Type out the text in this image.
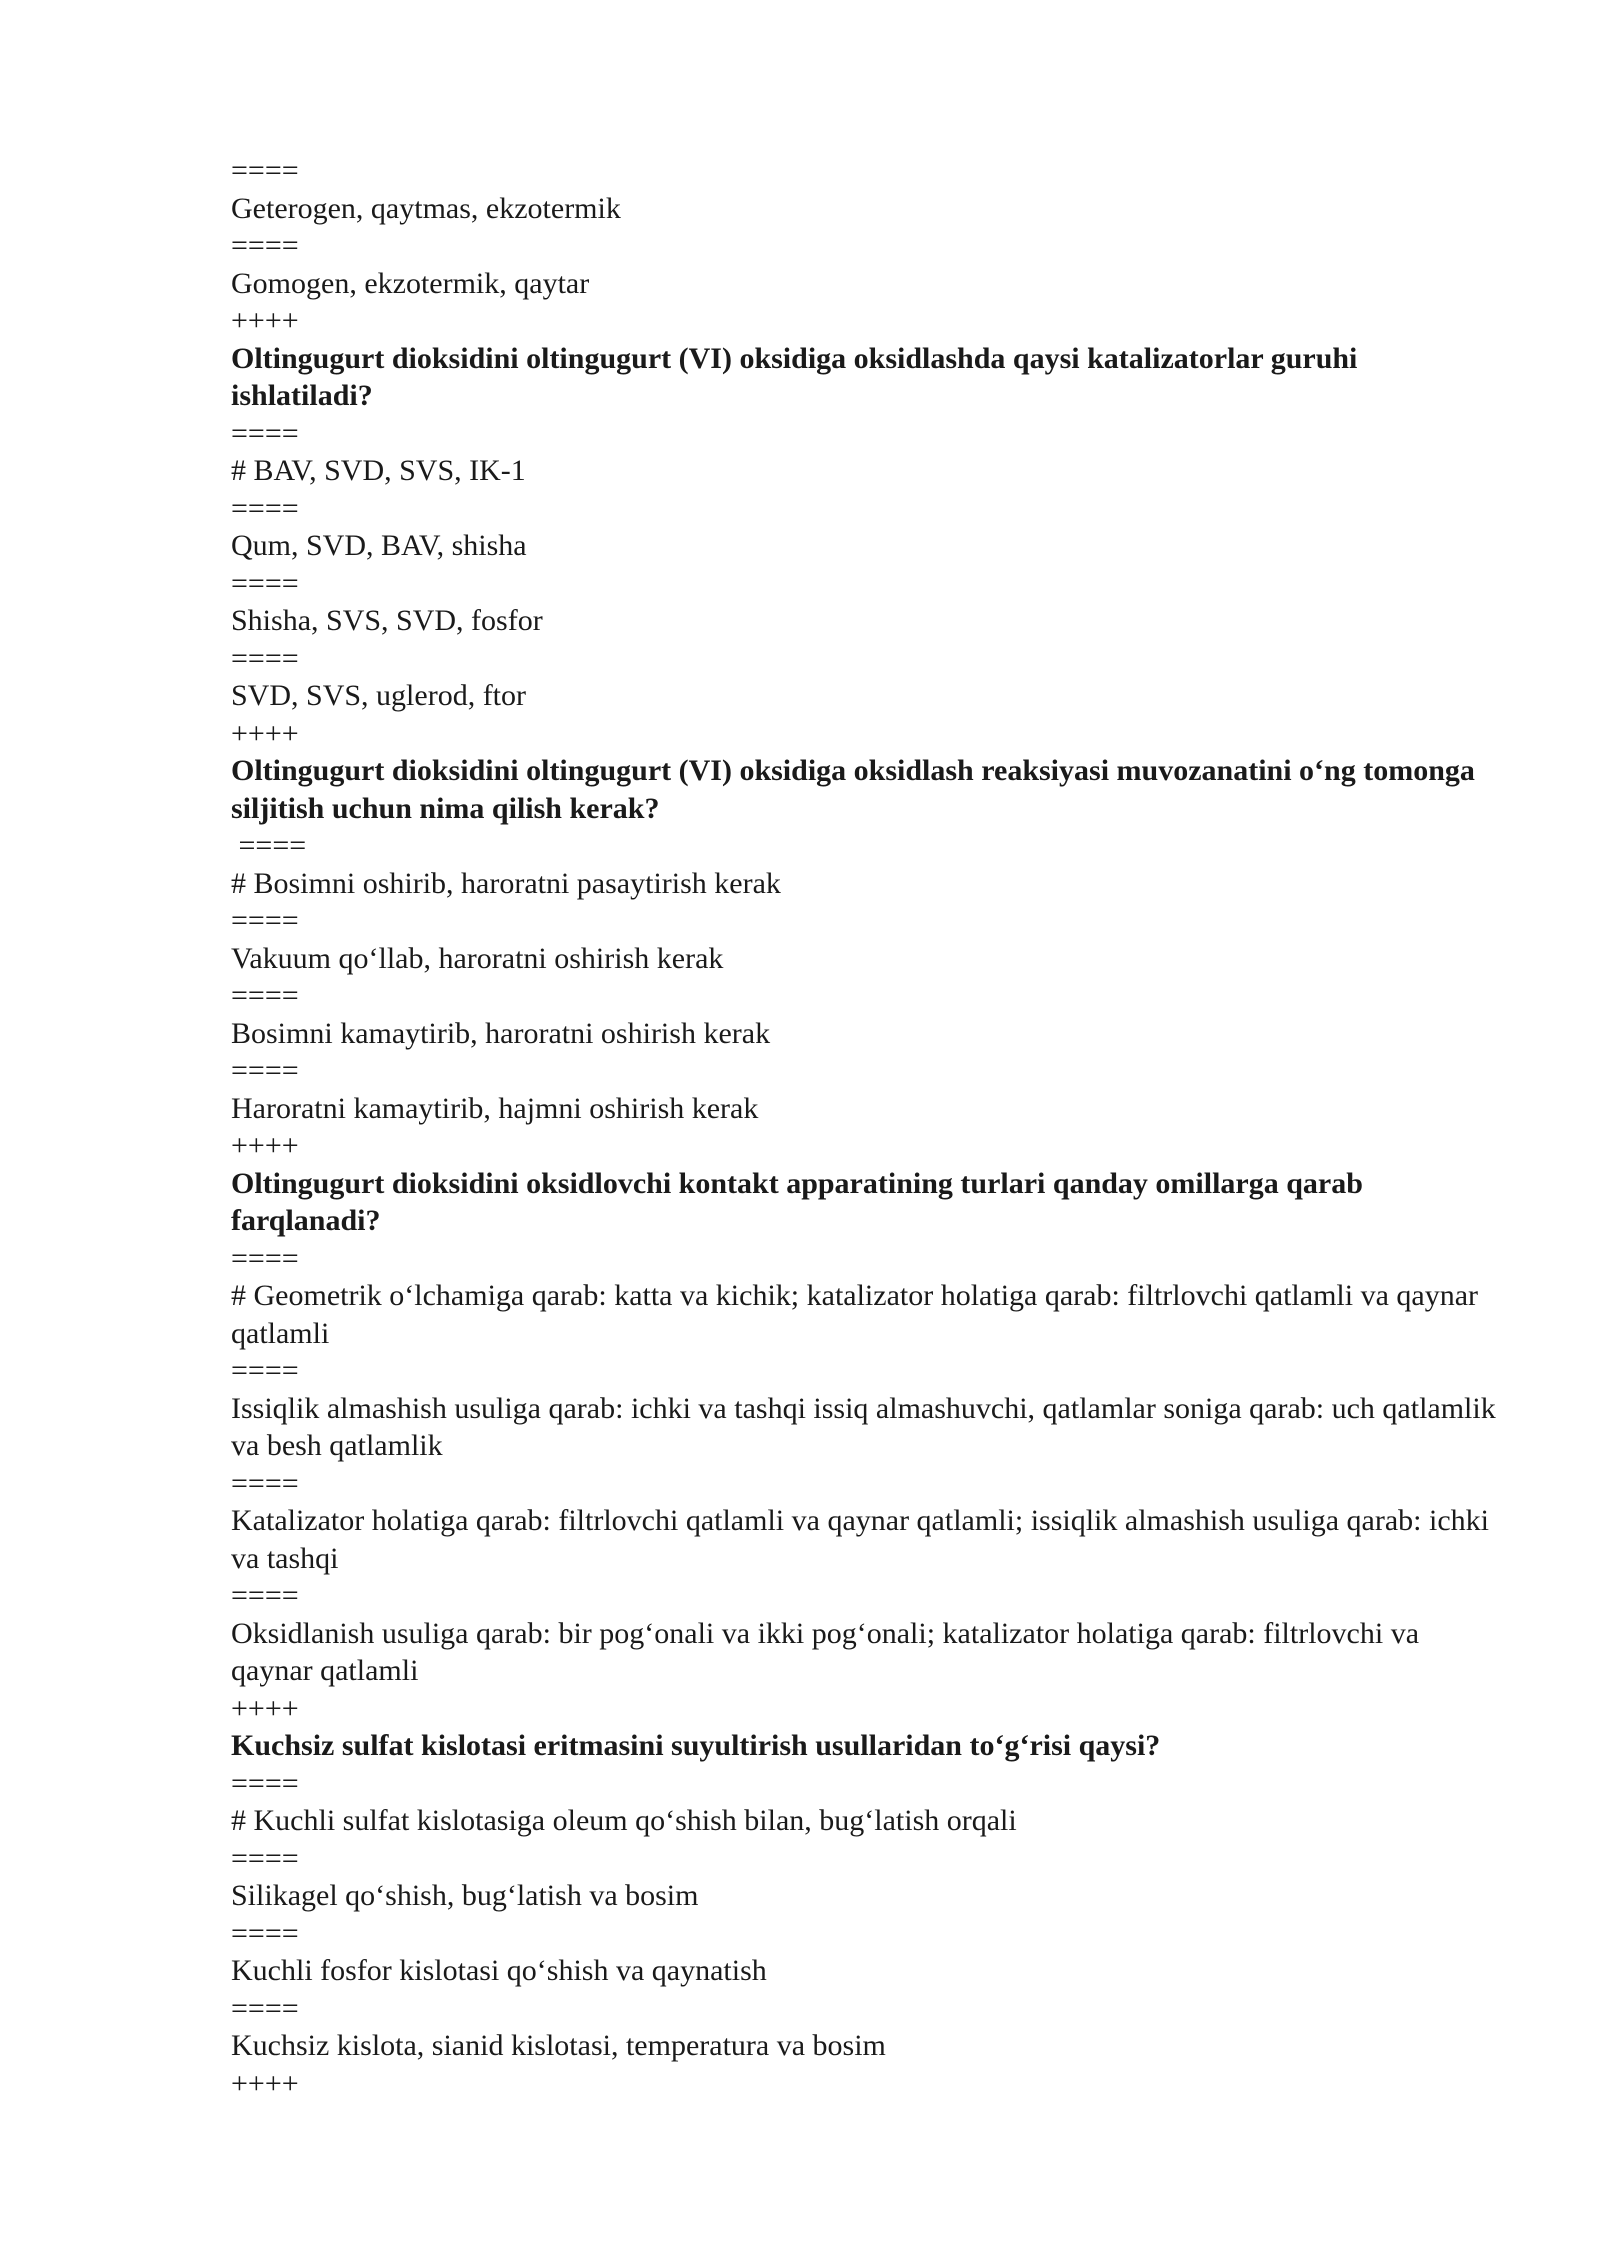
====
Geterogen, qaytmas, ekzotermik
====
Gomogen, ekzotermik, qaytar
++++
Oltingugurt dioksidini oltingugurt (VI) oksidiga oksidlashda qaysi katalizatorlar guruhi ishlatiladi?
====
# BAV, SVD, SVS, IK-1
====
Qum, SVD, BAV, shisha
====
Shisha, SVS, SVD, fosfor
====
SVD, SVS, uglerod, ftor
++++
Oltingugurt dioksidini oltingugurt (VI) oksidiga oksidlash reaksiyasi muvozanatini o‘ng tomonga siljitish uchun nima qilish kerak?
====
# Bosimni oshirib, haroratni pasaytirish kerak
====
Vakuum qo‘llab, haroratni oshirish kerak
====
Bosimni kamaytirib, haroratni oshirish kerak
====
Haroratni kamaytirib, hajmni oshirish kerak
++++
Oltingugurt dioksidini oksidlovchi kontakt apparatining turlari qanday omillarga qarab farqlanadi?
====
# Geometrik o‘lchamiga qarab: katta va kichik; katalizator holatiga qarab: filtrlovchi qatlamli va qaynar qatlamli
====
Issiqlik almashish usuliga qarab: ichki va tashqi issiq almashuvchi, qatlamlar soniga qarab: uch qatlamlik va besh qatlamlik
====
Katalizator holatiga qarab: filtrlovchi qatlamli va qaynar qatlamli; issiqlik almashish usuliga qarab: ichki va tashqi
====
Oksidlanish usuliga qarab: bir pog‘onali va ikki pog‘onali; katalizator holatiga qarab: filtrlovchi va qaynar qatlamli
++++
Kuchsiz sulfat kislotasi eritmasini suyultirish usullaridan to‘g‘risi qaysi?
====
# Kuchli sulfat kislotasiga oleum qo‘shish bilan, bug‘latish orqali
====
Silikagel qo‘shish, bug‘latish va bosim
====
Kuchli fosfor kislotasi qo‘shish va qaynatish
====
Kuchsiz kislota, sianid kislotasi, temperatura va bosim
++++
